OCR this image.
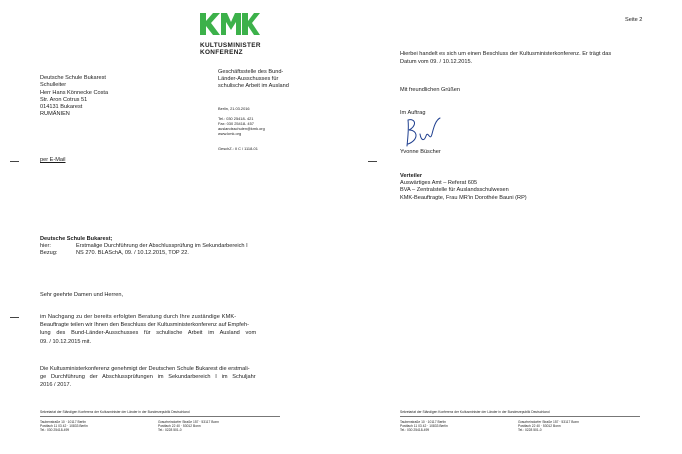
KULTUSMINISTER
KONFERENZ
Geschäftsstelle des Bund-
Länder-Ausschusses für
schulische Arbeit im Ausland
Berlin, 21.03.2016
Tel.: 030 25418- 421
Fax: 030 25418- 457
auslandsschulen@kmk.org
www.kmk.org
GeschZ.: II C / 1118-01
Deutsche Schule Bukarest
Schulleiter
Herr Hans Könnecke Costa
Str. Aron Cotrus 51
014131 Bukarest
RUMÄNIEN
per E-Mail
Deutsche Schule Bukarest;
hier:	Erstmalige Durchführung der Abschlussprüfung im Sekundarbereich I
Bezug:	NS 270. BLASchA, 09. / 10.12.2015, TOP 22.
Sehr geehrte Damen und Herren,
im Nachgang zu der bereits erfolgten Beratung durch Ihre zuständige KMK-
Beauftragte teilen wir Ihnen den Beschluss der Kultusministerkonferenz auf Empfeh-
lung des Bund-Länder-Ausschusses für schulische Arbeit im Ausland vom
09. / 10.12.2015 mit.
Die Kultusministerkonferenz genehmigt der Deutschen Schule Bukarest die erstmali-
ge Durchführung der Abschlussprüfungen im Sekundarbereich I im Schuljahr
2016 / 2017.
Sekretariat der Ständigen Konferenz der Kultusminister der Länder in der Bundesrepublik Deutschland
Taubenstraße 10 · 10117 Berlin
Postfach 11 03 42 · 10833 Berlin
Tel.: 030 25418-499
Graurheindorfer Straße 157 · 53117 Bonn
Postfach 22 40 · 53012 Bonn
Tel.: 0228 501-0
Seite 2
Hierbei handelt es sich um einen Beschluss der Kultusministerkonferenz. Er trägt das
Datum vom 09. / 10.12.2015.
Mit freundlichen Grüßen
Im Auftrag
Yvonne Büscher
Verteiler
Auswärtiges Amt – Referat 605
BVA – Zentralstelle für Auslandsschulwesen
KMK-Beauftragte, Frau MR'in Dorothée Bauni (RP)
Sekretariat der Ständigen Konferenz der Kultusminister der Länder in der Bundesrepublik Deutschland
Taubenstraße 10 · 10117 Berlin
Postfach 11 03 42 · 10833 Berlin
Tel.: 030 25418-499
Graurheindorfer Straße 157 · 53117 Bonn
Postfach 22 40 · 53012 Bonn
Tel.: 0228 501-0
